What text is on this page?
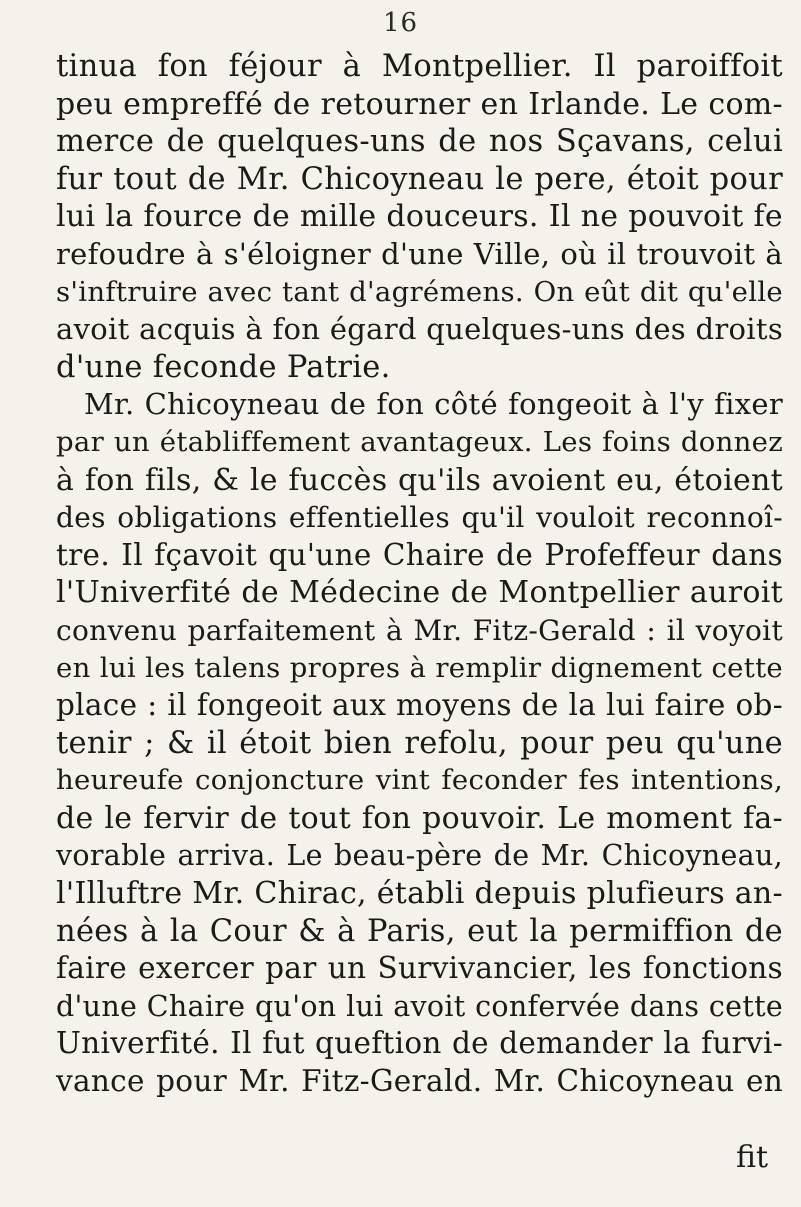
16
tinua fon féjour à Montpellier. Il paroiffoit
peu empreffé de retourner en Irlande. Le com-
merce de quelques-uns de nos Sçavans, celui
fur tout de Mr. Chicoyneau le pere, étoit pour
lui la fource de mille douceurs. Il ne pouvoit fe
refoudre à s'éloigner d'une Ville, où il trouvoit à
s'inftruire avec tant d'agrémens. On eût dit qu'elle
avoit acquis à fon égard quelques-uns des droits
d'une feconde Patrie.
Mr. Chicoyneau de fon côté fongeoit à l'y fixer
par un établiffement avantageux. Les foins donnez
à fon fils, & le fuccès qu'ils avoient eu, étoient
des obligations effentielles qu'il vouloit reconnoî-
tre. Il fçavoit qu'une Chaire de Profeffeur dans
l'Univerfité de Médecine de Montpellier auroit
convenu parfaitement à Mr. Fitz-Gerald : il voyoit
en lui les talens propres à remplir dignement cette
place : il fongeoit aux moyens de la lui faire ob-
tenir ; & il étoit bien refolu, pour peu qu'une
heureufe conjoncture vint feconder fes intentions,
de le fervir de tout fon pouvoir. Le moment fa-
vorable arriva. Le beau-père de Mr. Chicoyneau,
l'Illuftre Mr. Chirac, établi depuis plufieurs an-
nées à la Cour & à Paris, eut la permiffion de
faire exercer par un Survivancier, les fonctions
d'une Chaire qu'on lui avoit confervée dans cette
Univerfité. Il fut queftion de demander la furvi-
vance pour Mr. Fitz-Gerald. Mr. Chicoyneau en
fit
